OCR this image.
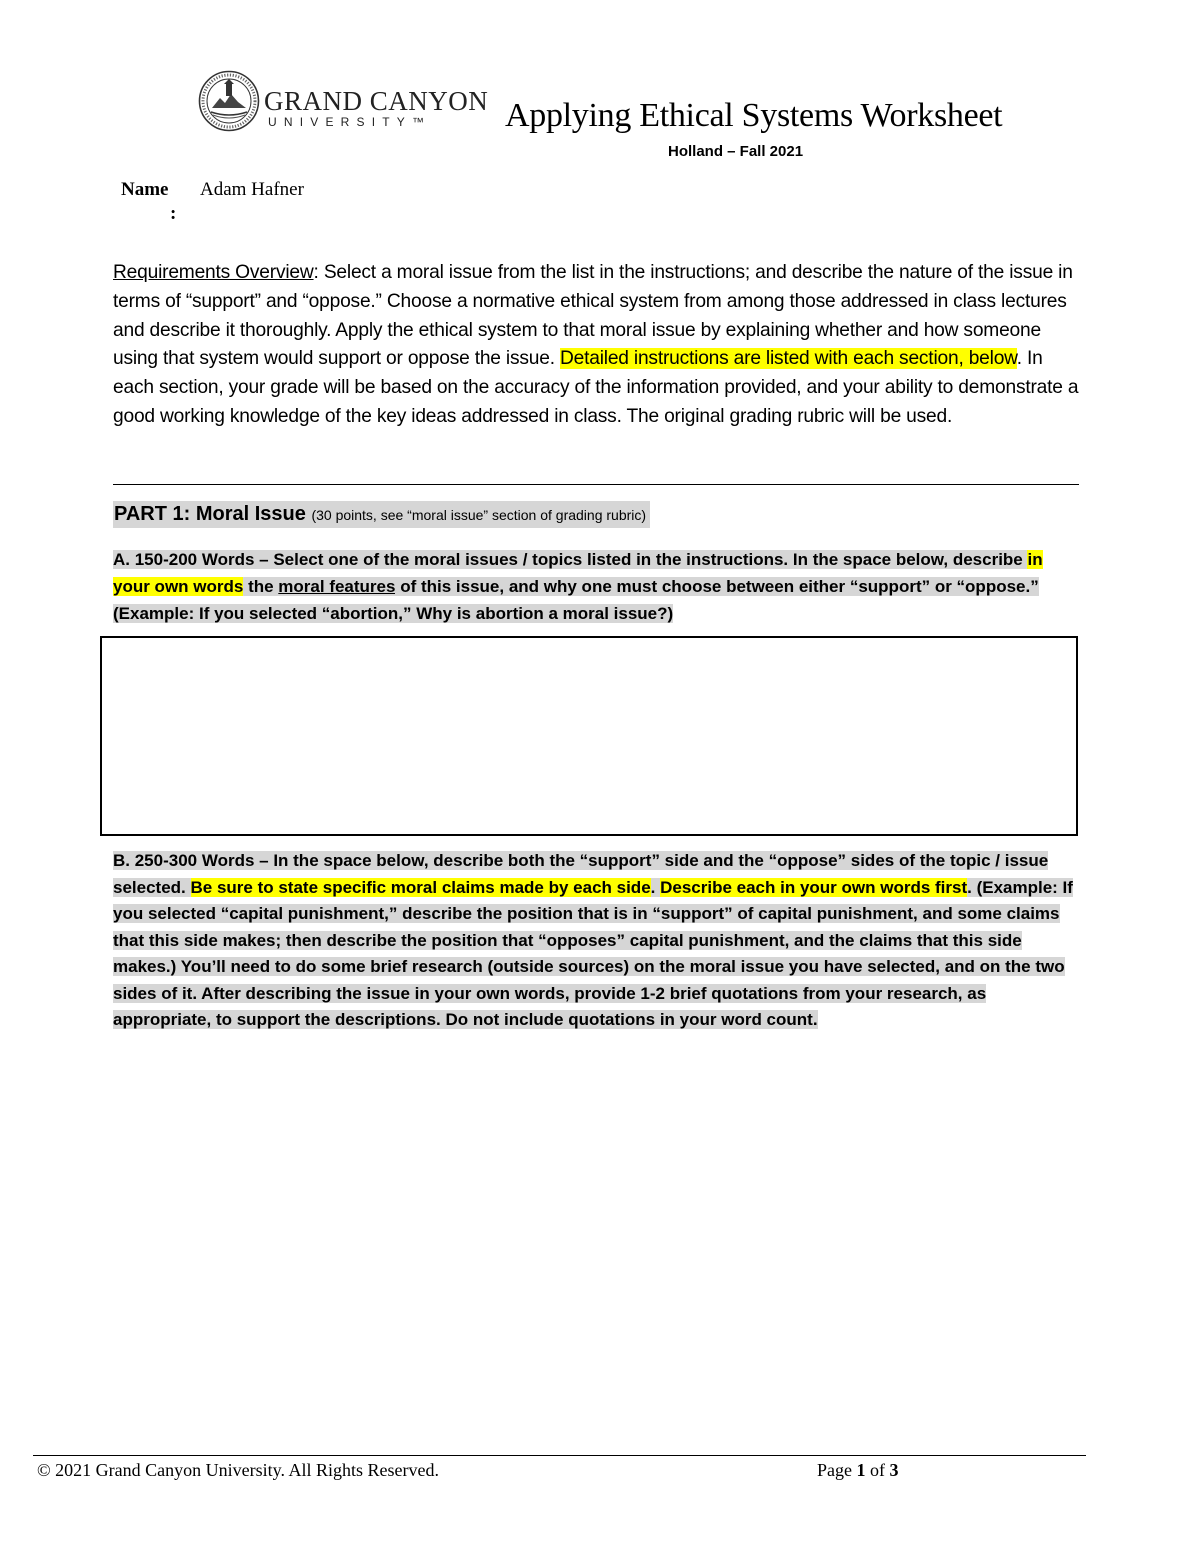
GRAND CANYON
UNIVERSITY™ Applying Ethical Systems Worksheet
Holland – Fall 2021
Name
:
Adam Hafner
Requirements Overview: Select a moral issue from the list in the instructions; and describe the nature of the issue in terms of “support” and “oppose.” Choose a normative ethical system from among those addressed in class lectures and describe it thoroughly. Apply the ethical system to that moral issue by explaining whether and how someone using that system would support or oppose the issue. Detailed instructions are listed with each section, below. In each section, your grade will be based on the accuracy of the information provided, and your ability to demonstrate a good working knowledge of the key ideas addressed in class. The original grading rubric will be used.
PART 1: Moral Issue (30 points, see “moral issue” section of grading rubric)
A. 150-200 Words – Select one of the moral issues / topics listed in the instructions. In the space below, describe in your own words the moral features of this issue, and why one must choose between either “support” or “oppose.” (Example: If you selected “abortion,” Why is abortion a moral issue?)
B. 250-300 Words – In the space below, describe both the “support” side and the “oppose” sides of the topic / issue selected. Be sure to state specific moral claims made by each side. Describe each in your own words first. (Example: If you selected “capital punishment,” describe the position that is in “support” of capital punishment, and some claims that this side makes; then describe the position that “opposes” capital punishment, and the claims that this side makes.) You’ll need to do some brief research (outside sources) on the moral issue you have selected, and on the two sides of it. After describing the issue in your own words, provide 1-2 brief quotations from your research, as appropriate, to support the descriptions. Do not include quotations in your word count.
© 2021 Grand Canyon University. All Rights Reserved.	Page 1 of 3
